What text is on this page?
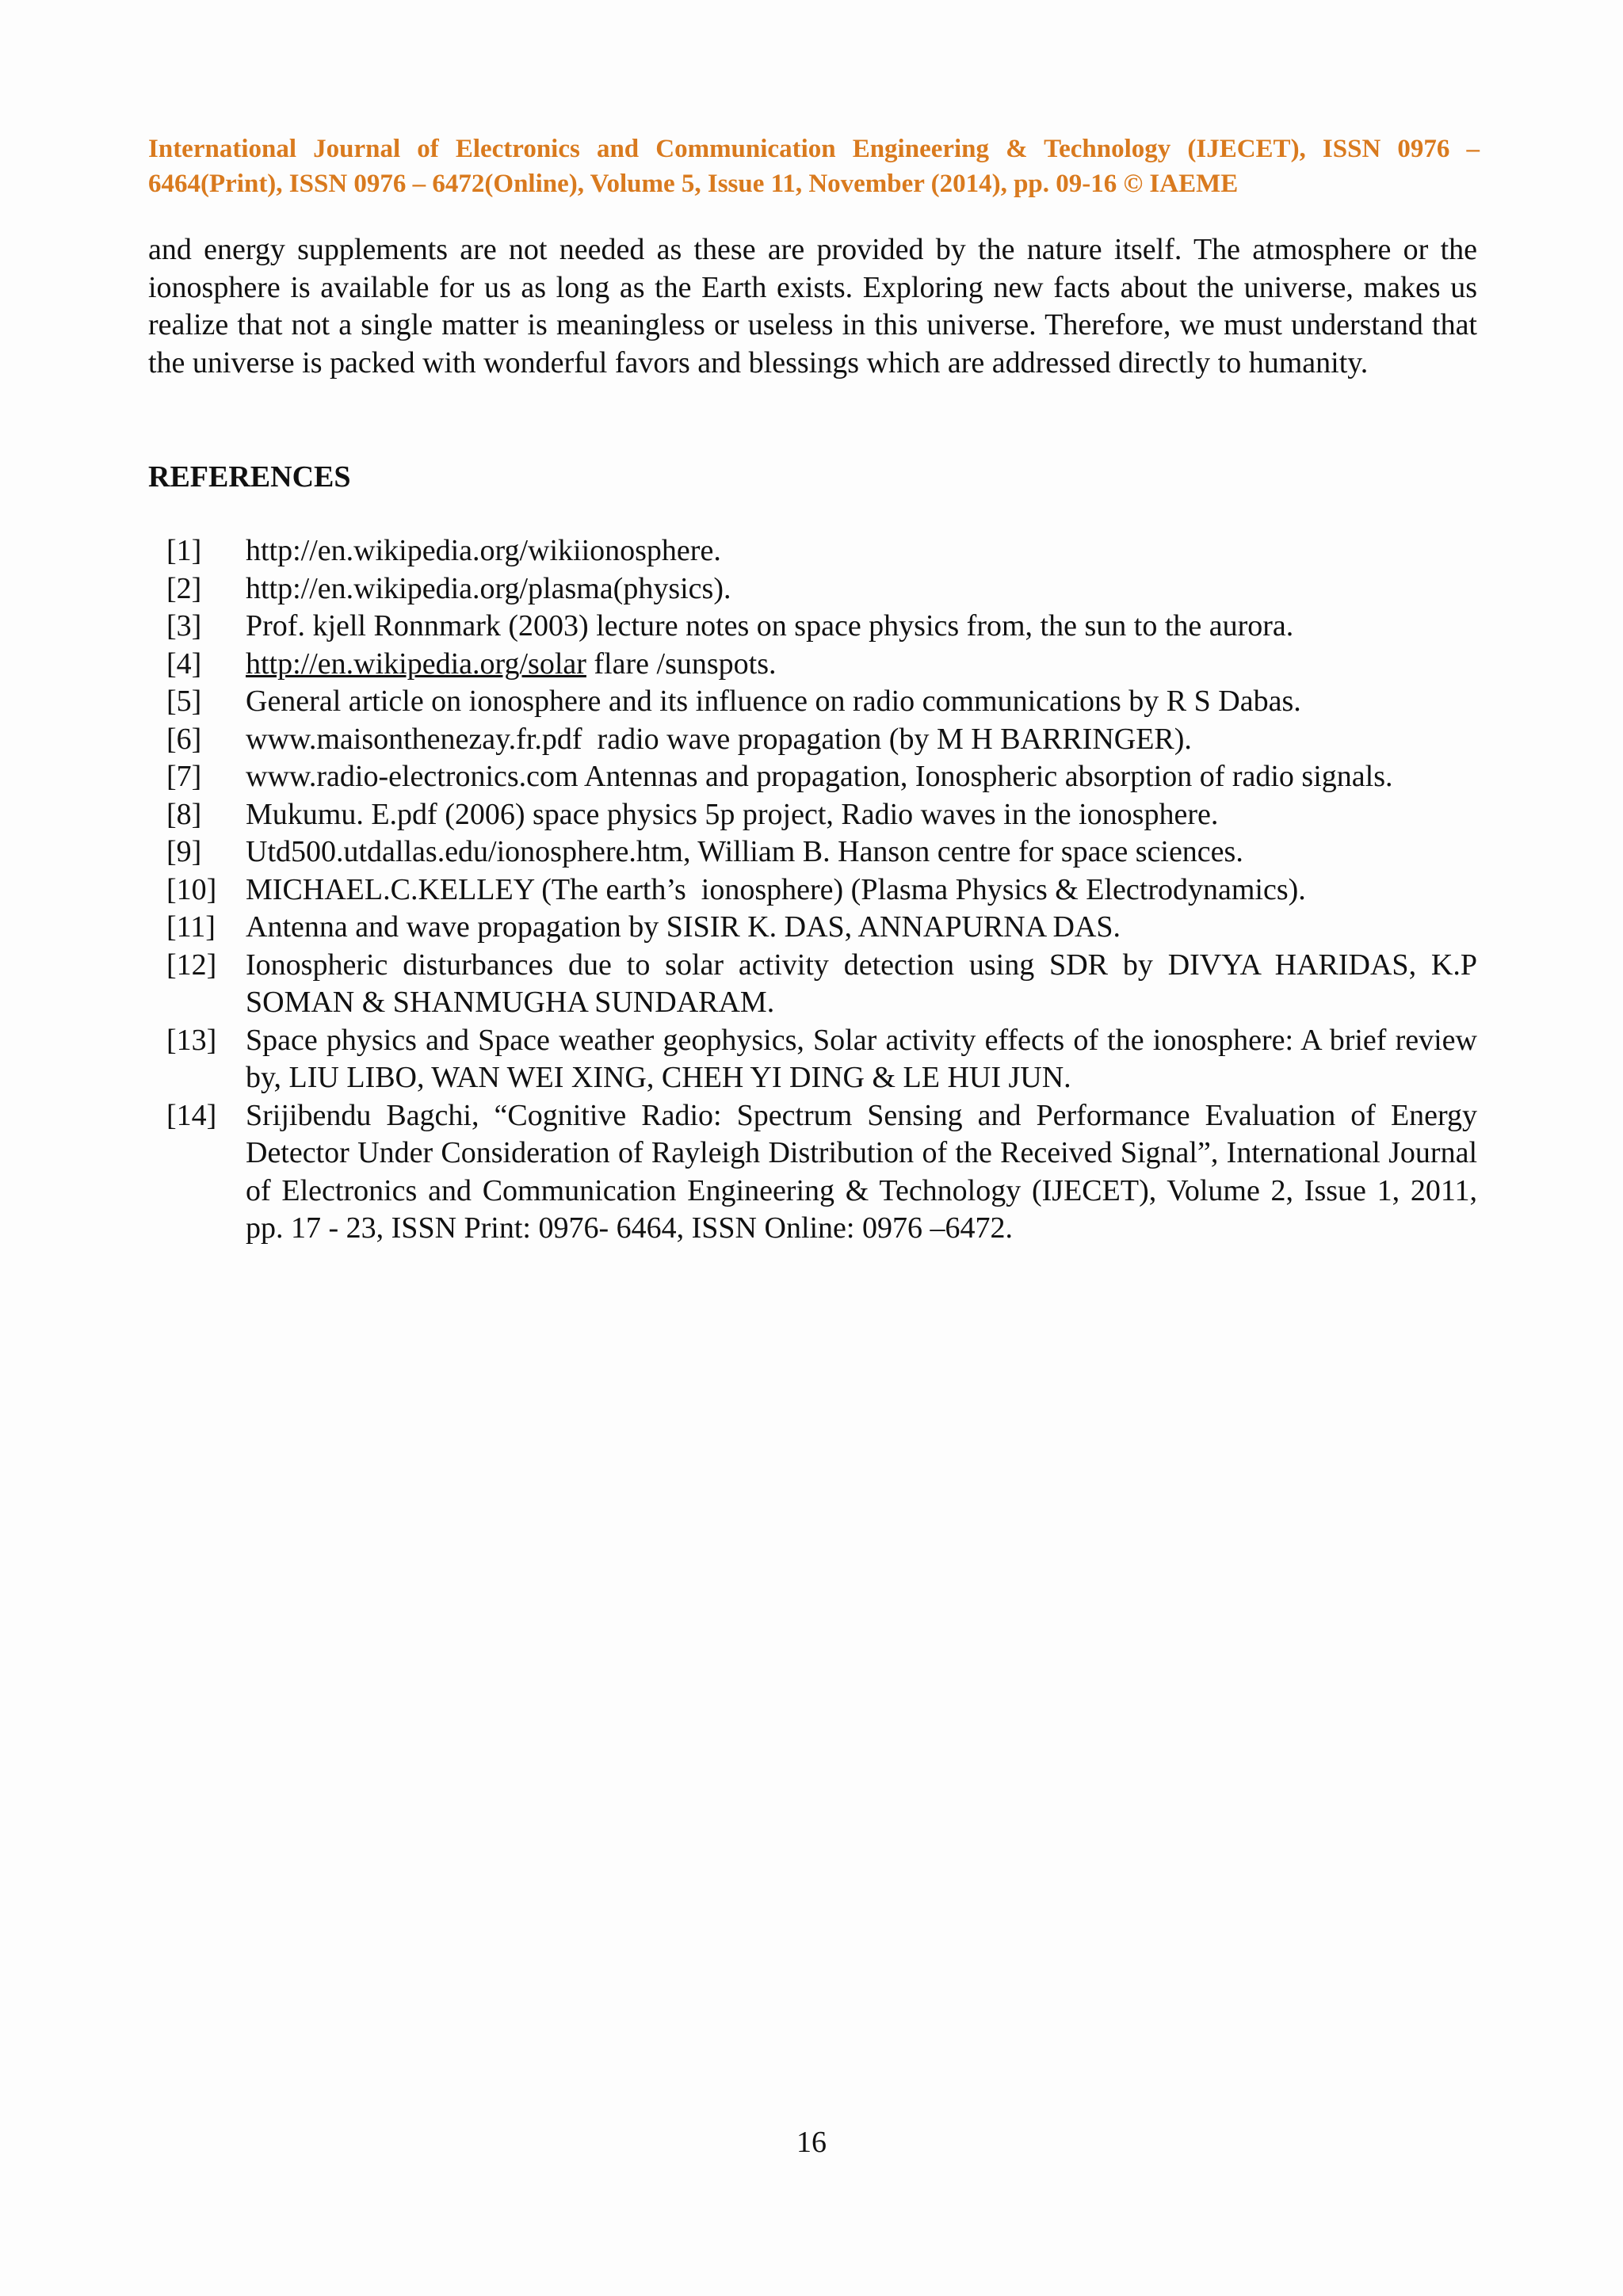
International Journal of Electronics and Communication Engineering & Technology (IJECET), ISSN 0976 – 6464(Print), ISSN 0976 – 6472(Online), Volume 5, Issue 11, November (2014), pp. 09-16 © IAEME

and energy supplements are not needed as these are provided by the nature itself. The atmosphere or the ionosphere is available for us as long as the Earth exists. Exploring new facts about the universe, makes us realize that not a single matter is meaningless or useless in this universe. Therefore, we must understand that the universe is packed with wonderful favors and blessings which are addressed directly to humanity.

REFERENCES
[1]	http://en.wikipedia.org/wikiionosphere.
[2]	http://en.wikipedia.org/plasma(physics).
[3]	Prof. kjell Ronnmark (2003) lecture notes on space physics from, the sun to the aurora.
[4]	http://en.wikipedia.org/solar flare /sunspots.
[5]	General article on ionosphere and its influence on radio communications by R S Dabas.
[6]	www.maisonthenezay.fr.pdf  radio wave propagation (by M H BARRINGER).
[7]	www.radio-electronics.com Antennas and propagation, Ionospheric absorption of radio signals.
[8]	Mukumu. E.pdf (2006) space physics 5p project, Radio waves in the ionosphere.
[9]	Utd500.utdallas.edu/ionosphere.htm, William B. Hanson centre for space sciences.
[10] MICHAEL.C.KELLEY (The earth’s  ionosphere) (Plasma Physics & Electrodynamics).
[11]	Antenna and wave propagation by SISIR K. DAS, ANNAPURNA DAS.
[12] Ionospheric disturbances due to solar activity detection using SDR by DIVYA HARIDAS, K.P SOMAN & SHANMUGHA SUNDARAM.
[13] Space physics and Space weather geophysics, Solar activity effects of the ionosphere: A brief review by, LIU LIBO, WAN WEI XING, CHEH YI DING & LE HUI JUN.
[14] Srijibendu Bagchi, “Cognitive Radio: Spectrum Sensing and Performance Evaluation of Energy Detector Under Consideration of Rayleigh Distribution of the Received Signal”, International Journal of Electronics and Communication Engineering & Technology (IJECET), Volume 2, Issue 1, 2011, pp. 17 - 23, ISSN Print: 0976- 6464, ISSN Online: 0976 –6472.
16
